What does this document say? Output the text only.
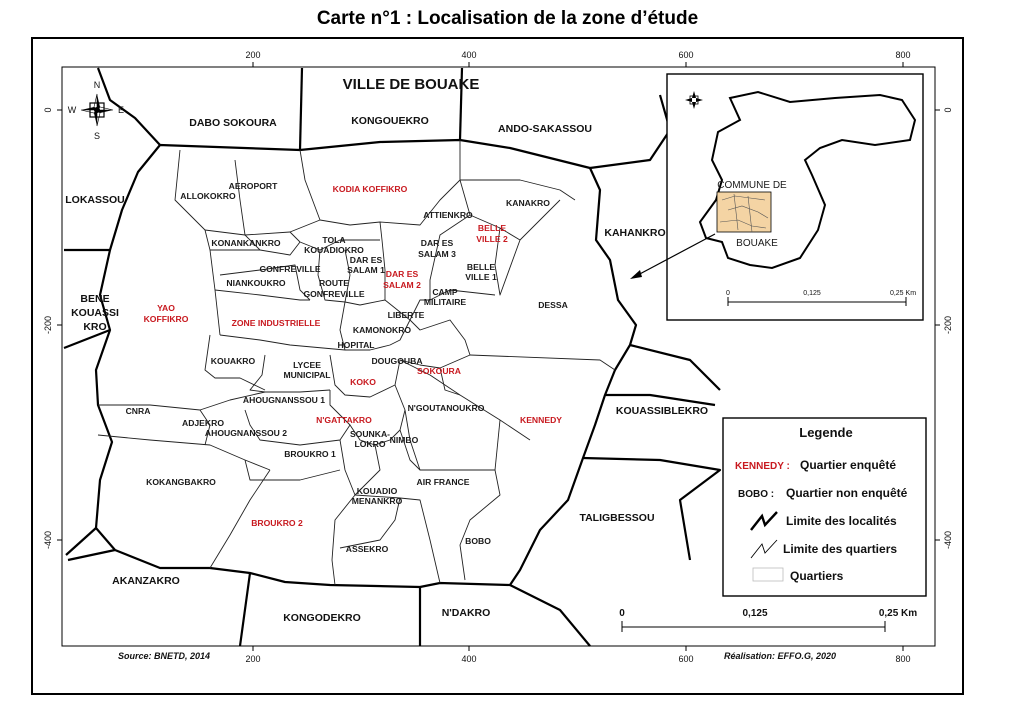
Carte n°1 : Localisation de la zone d’étude
200	400	600	800
200	400	600	800
0
-200
-400
0
-200
-400
VILLE DE BOUAKE
DABO SOKOURA	KONGOUEKRO
ANDO-SAKASSOU
LOKASSOU
KAHANKRO
BENE
KOUASSI
KRO
KOUASSIBLEKRO
TALIGBESSOU
AKANZAKRO
KONGODEKRO	N'DAKRO
KODIA KOFFIKRO
BELLE
VILLE 2
DAR ES
SALAM 2
YAO
KOFFIKRO	ZONE INDUSTRIELLE
KOKO
SOKOURA
N'GATTAKRO	KENNEDY
BROUKRO 2
ALLOKOKRO
AEROPORT
ATTIENKRO
KANAKRO
KONANKANKRO	TOLA
KOUADIOKRO
DAR ES
SALAM 1
DAR ES
SALAM 3
BELLE
VILLE 1
GONFREVILLE
NIANKOUKRO	ROUTE
GONFREVILLE	CAMP
MILITAIRE	DESSA
LIBERTE
KAMONOKRO
HOPITAL
DOUGOUBA
KOUAKRO	LYCEE
MUNICIPAL
AHOUGNANSSOU 1
N'GOUTANOUKRO
CNRA
ADJEKRO
AHOUGNANSSOU 2	SOUNKA-
LOKRO NIMBO
BROUKRO 1
KOKANGBAKRO
KOUADIO
MENANKRO
AIR FRANCE
BOBO
ASSEKRO
N
S
E
W
COMMUNE DE
BOUAKE
0	0,125	0,25 Km
Legende
KENNEDY : Quartier enquêté
BOBO : Quartier non enquêté
Limite des localités
Limite des quartiers
Quartiers
0	0,125	0,25 Km
Source: BNETD, 2014	Réalisation: EFFO.G, 2020
